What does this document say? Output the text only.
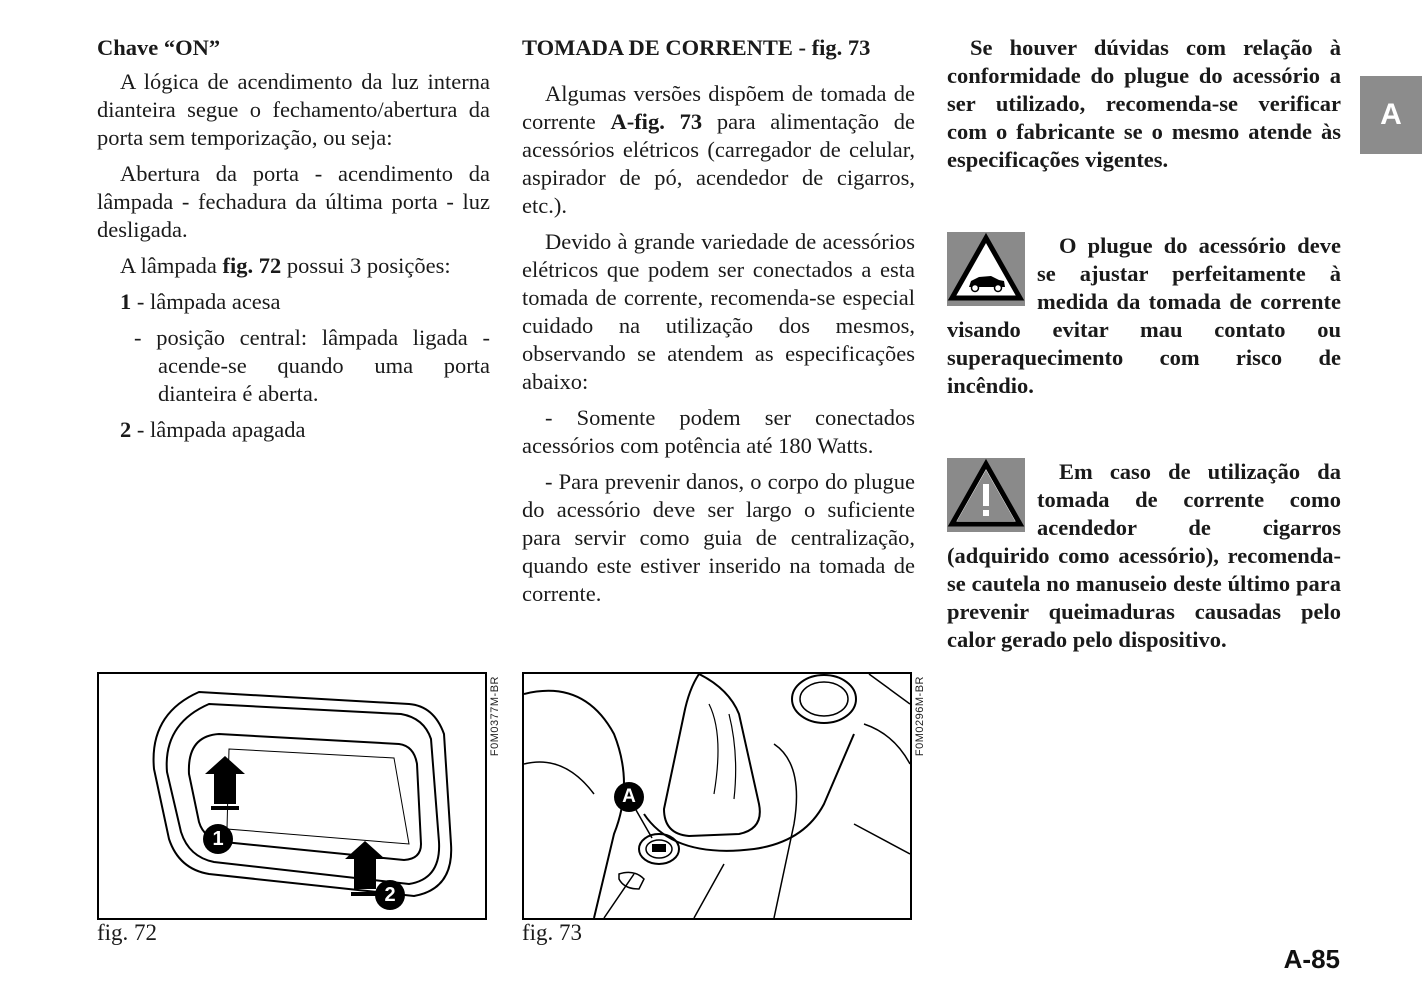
Chave “ON”

A lógica de acendimento da luz interna dianteira segue o fechamento/abertura da porta sem temporização, ou seja:

Abertura da porta - acendimento da lâmpada - fechadura da última porta - luz desligada.

A lâmpada fig. 72 possui 3 posições:

1 - lâmpada acesa

- posição central: lâmpada ligada - acende-se quando uma porta dianteira é aberta.

2 - lâmpada apagada

TOMADA DE CORRENTE - fig. 73

Algumas versões dispõem de tomada de corrente A-fig. 73 para alimentação de acessórios elétricos (carregador de celular, aspirador de pó, acendedor de cigarros, etc.).

Devido à grande variedade de acessórios elétricos que podem ser conectados a esta tomada de corrente, recomenda-se especial cuidado na utilização dos mesmos, observando se atendem as especificações abaixo:

- Somente podem ser conectados acessórios com potência até 180 Watts.

- Para prevenir danos, o corpo do plugue do acessório deve ser largo o suficiente para servir como guia de centralização, quando este estiver inserido na tomada de corrente.

Se houver dúvidas com relação à conformidade do plugue do acessório a ser utilizado, recomenda-se verificar com o fabricante se o mesmo atende às especificações vigentes.

O plugue do acessório deve se ajustar perfeitamente à medida da tomada de corrente visando evitar mau contato ou superaquecimento com risco de incêndio.

Em caso de utilização da tomada de corrente como acendedor de cigarros (adquirido como acessório), recomenda-se cautela no manuseio deste último para prevenir queimaduras causadas pelo calor gerado pelo dispositivo.

1
2
F0M0377M-BR
fig. 72
A
F0M0296M-BR
fig. 73
A
A-85
